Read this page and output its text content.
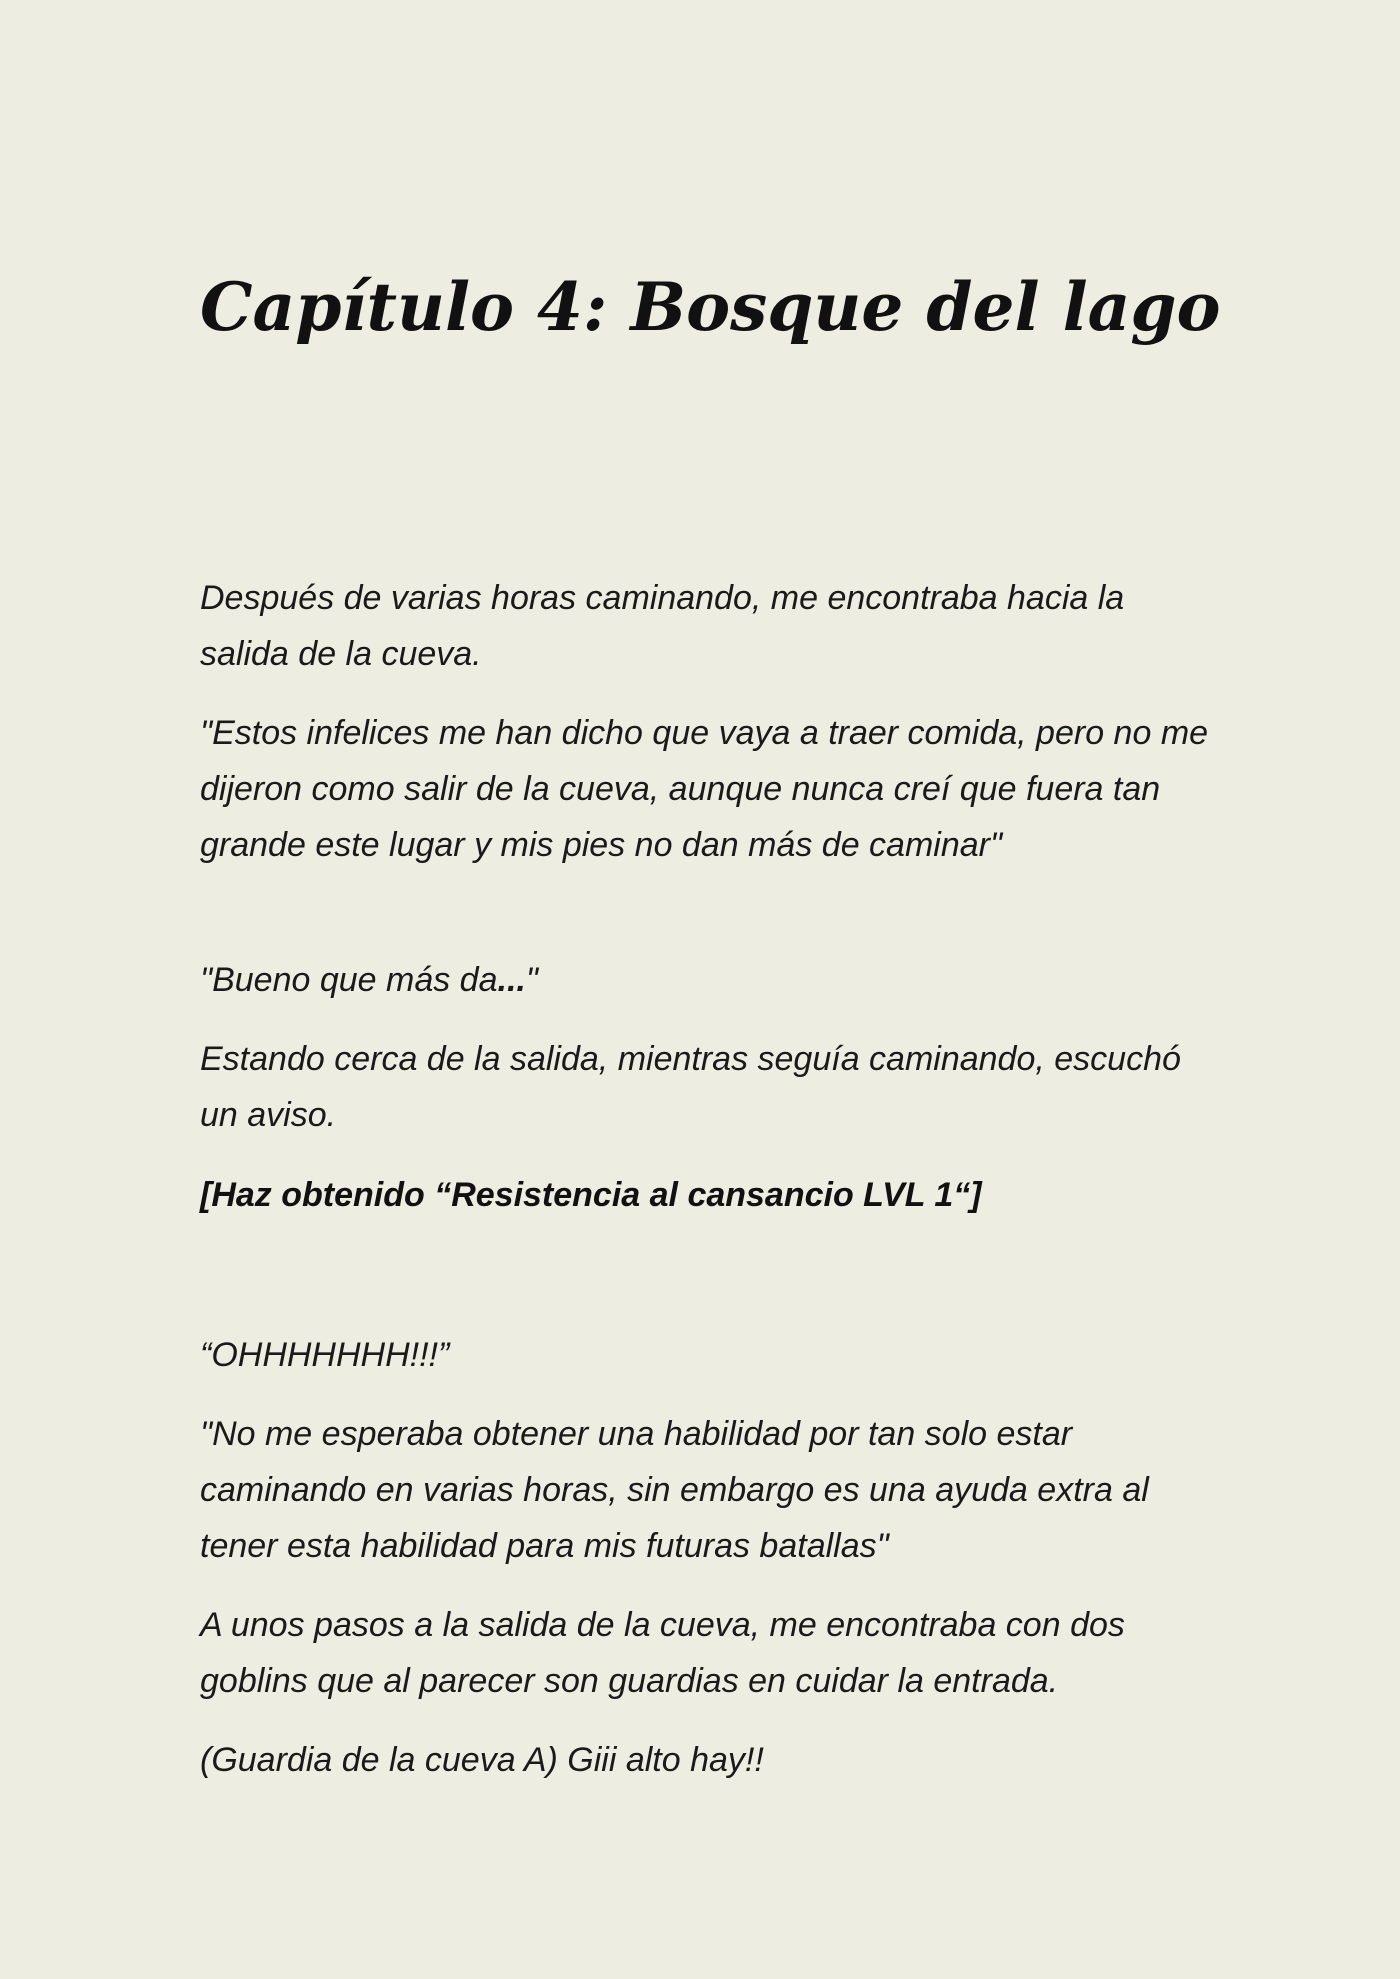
Capítulo 4: Bosque del lago

Después de varias horas caminando, me encontraba hacia la salida de la cueva.

"Estos infelices me han dicho que vaya a traer comida, pero no me dijeron como salir de la cueva, aunque nunca creí que fuera tan grande este lugar y mis pies no dan más de caminar"

"Bueno que más da..."

Estando cerca de la salida, mientras seguía caminando, escuchó un aviso.

[Haz obtenido “Resistencia al cansancio LVL 1“]

“OHHHHHHH!!!”

"No me esperaba obtener una habilidad por tan solo estar caminando en varias horas, sin embargo es una ayuda extra al tener esta habilidad para mis futuras batallas"

A unos pasos a la salida de la cueva, me encontraba con dos goblins que al parecer son guardias en cuidar la entrada.

(Guardia de la cueva A) Giii alto hay!!
